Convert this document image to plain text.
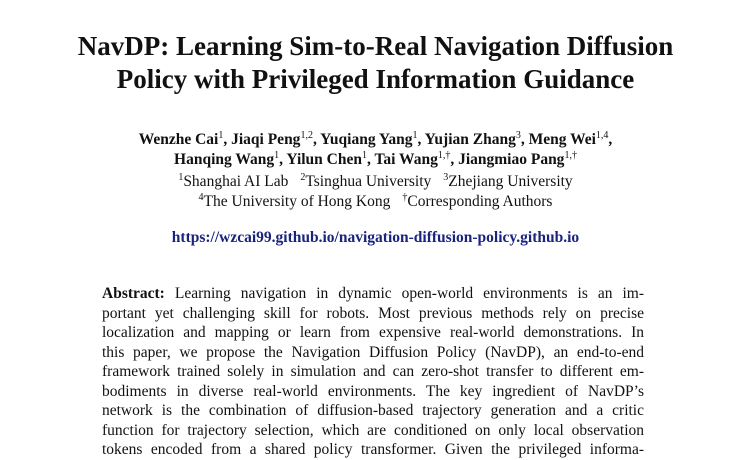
NavDP: Learning Sim-to-Real Navigation Diffusion
Policy with Privileged Information Guidance
Wenzhe Cai$^1$, Jiaqi Peng$^{1,2}$, Yuqiang Yang$^1$, Yujian Zhang$^3$, Meng Wei$^{1,4}$,
Hanqing Wang$^1$, Yilun Chen$^1$, Tai Wang$^{1,\dagger}$, Jiangmiao Pang$^{1,\dagger}$
$^1$Shanghai AI Lab $^2$Tsinghua University $^3$Zhejiang University
$^4$The University of Hong Kong †Corresponding Authors
https://wzcai99.github.io/navigation-diffusion-policy.github.io
Abstract: Learning navigation in dynamic open-world environments is an im-
portant yet challenging skill for robots. Most previous methods rely on precise
localization and mapping or learn from expensive real-world demonstrations. In
this paper, we propose the Navigation Diffusion Policy (NavDP), an end-to-end
framework trained solely in simulation and can zero-shot transfer to different em-
bodiments in diverse real-world environments. The key ingredient of NavDP’s
network is the combination of diffusion-based trajectory generation and a critic
function for trajectory selection, which are conditioned on only local observation
tokens encoded from a shared policy transformer. Given the privileged informa-
